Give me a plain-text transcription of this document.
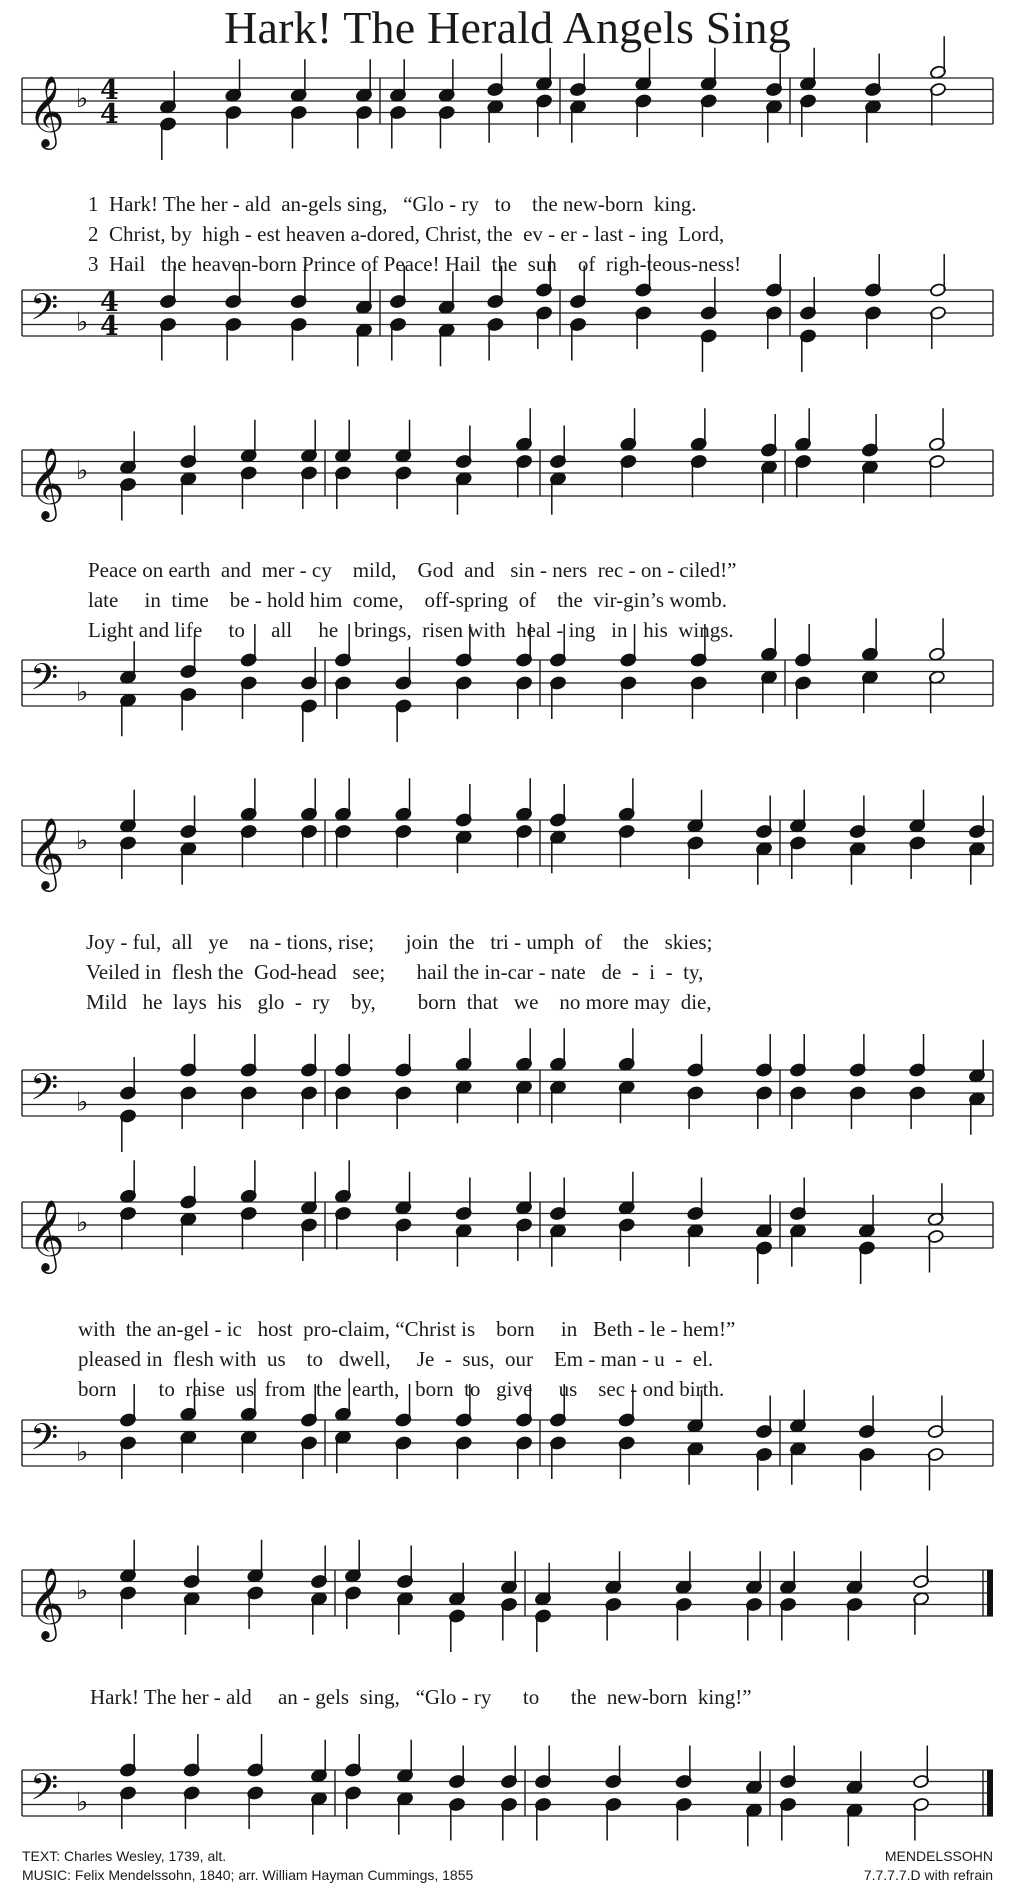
Hark! The Herald Angels Sing
𝄞
𝄢
♭
♭
4
4
4
4
𝄞
𝄢
♭
♭
𝄞
𝄢
♭
♭
𝄞
𝄢
♭
♭
𝄞
𝄢
♭
♭
1  Hark! The her - ald  an-gels sing,   “Glo - ry   to    the new-born  king.
2  Christ, by  high - est heaven a-dored, Christ, the  ev - er - last - ing  Lord,
3  Hail   the heaven-born Prince of Peace! Hail  the  sun    of  righ-teous-ness!
Peace on earth  and  mer - cy    mild,    God  and   sin - ners  rec - on - ciled!”
late     in  time    be - hold him  come,    off-spring  of    the  vir-gin’s womb.
Light and life     to     all     he   brings,  risen with  heal - ing   in   his  wings.
Joy - ful,  all   ye    na - tions, rise;      join  the   tri - umph  of    the   skies;
Veiled in  flesh the  God-head   see;      hail the in-car - nate   de  -  i  -  ty,
Mild   he  lays  his   glo  -  ry    by,        born  that   we    no more may  die,
with  the an-gel - ic   host  pro-claim, “Christ is    born     in   Beth - le - hem!”
pleased in  flesh with  us    to   dwell,     Je  -  sus,  our    Em - man - u  -  el.
born        to  raise  us  from  the  earth,   born  to   give     us    sec - ond birth.
Hark! The her - ald     an - gels  sing,   “Glo - ry      to      the  new-born  king!”
TEXT: Charles Wesley, 1739, alt.
MUSIC: Felix Mendelssohn, 1840; arr. William Hayman Cummings, 1855
MENDELSSOHN
7.7.7.7.D with refrain
